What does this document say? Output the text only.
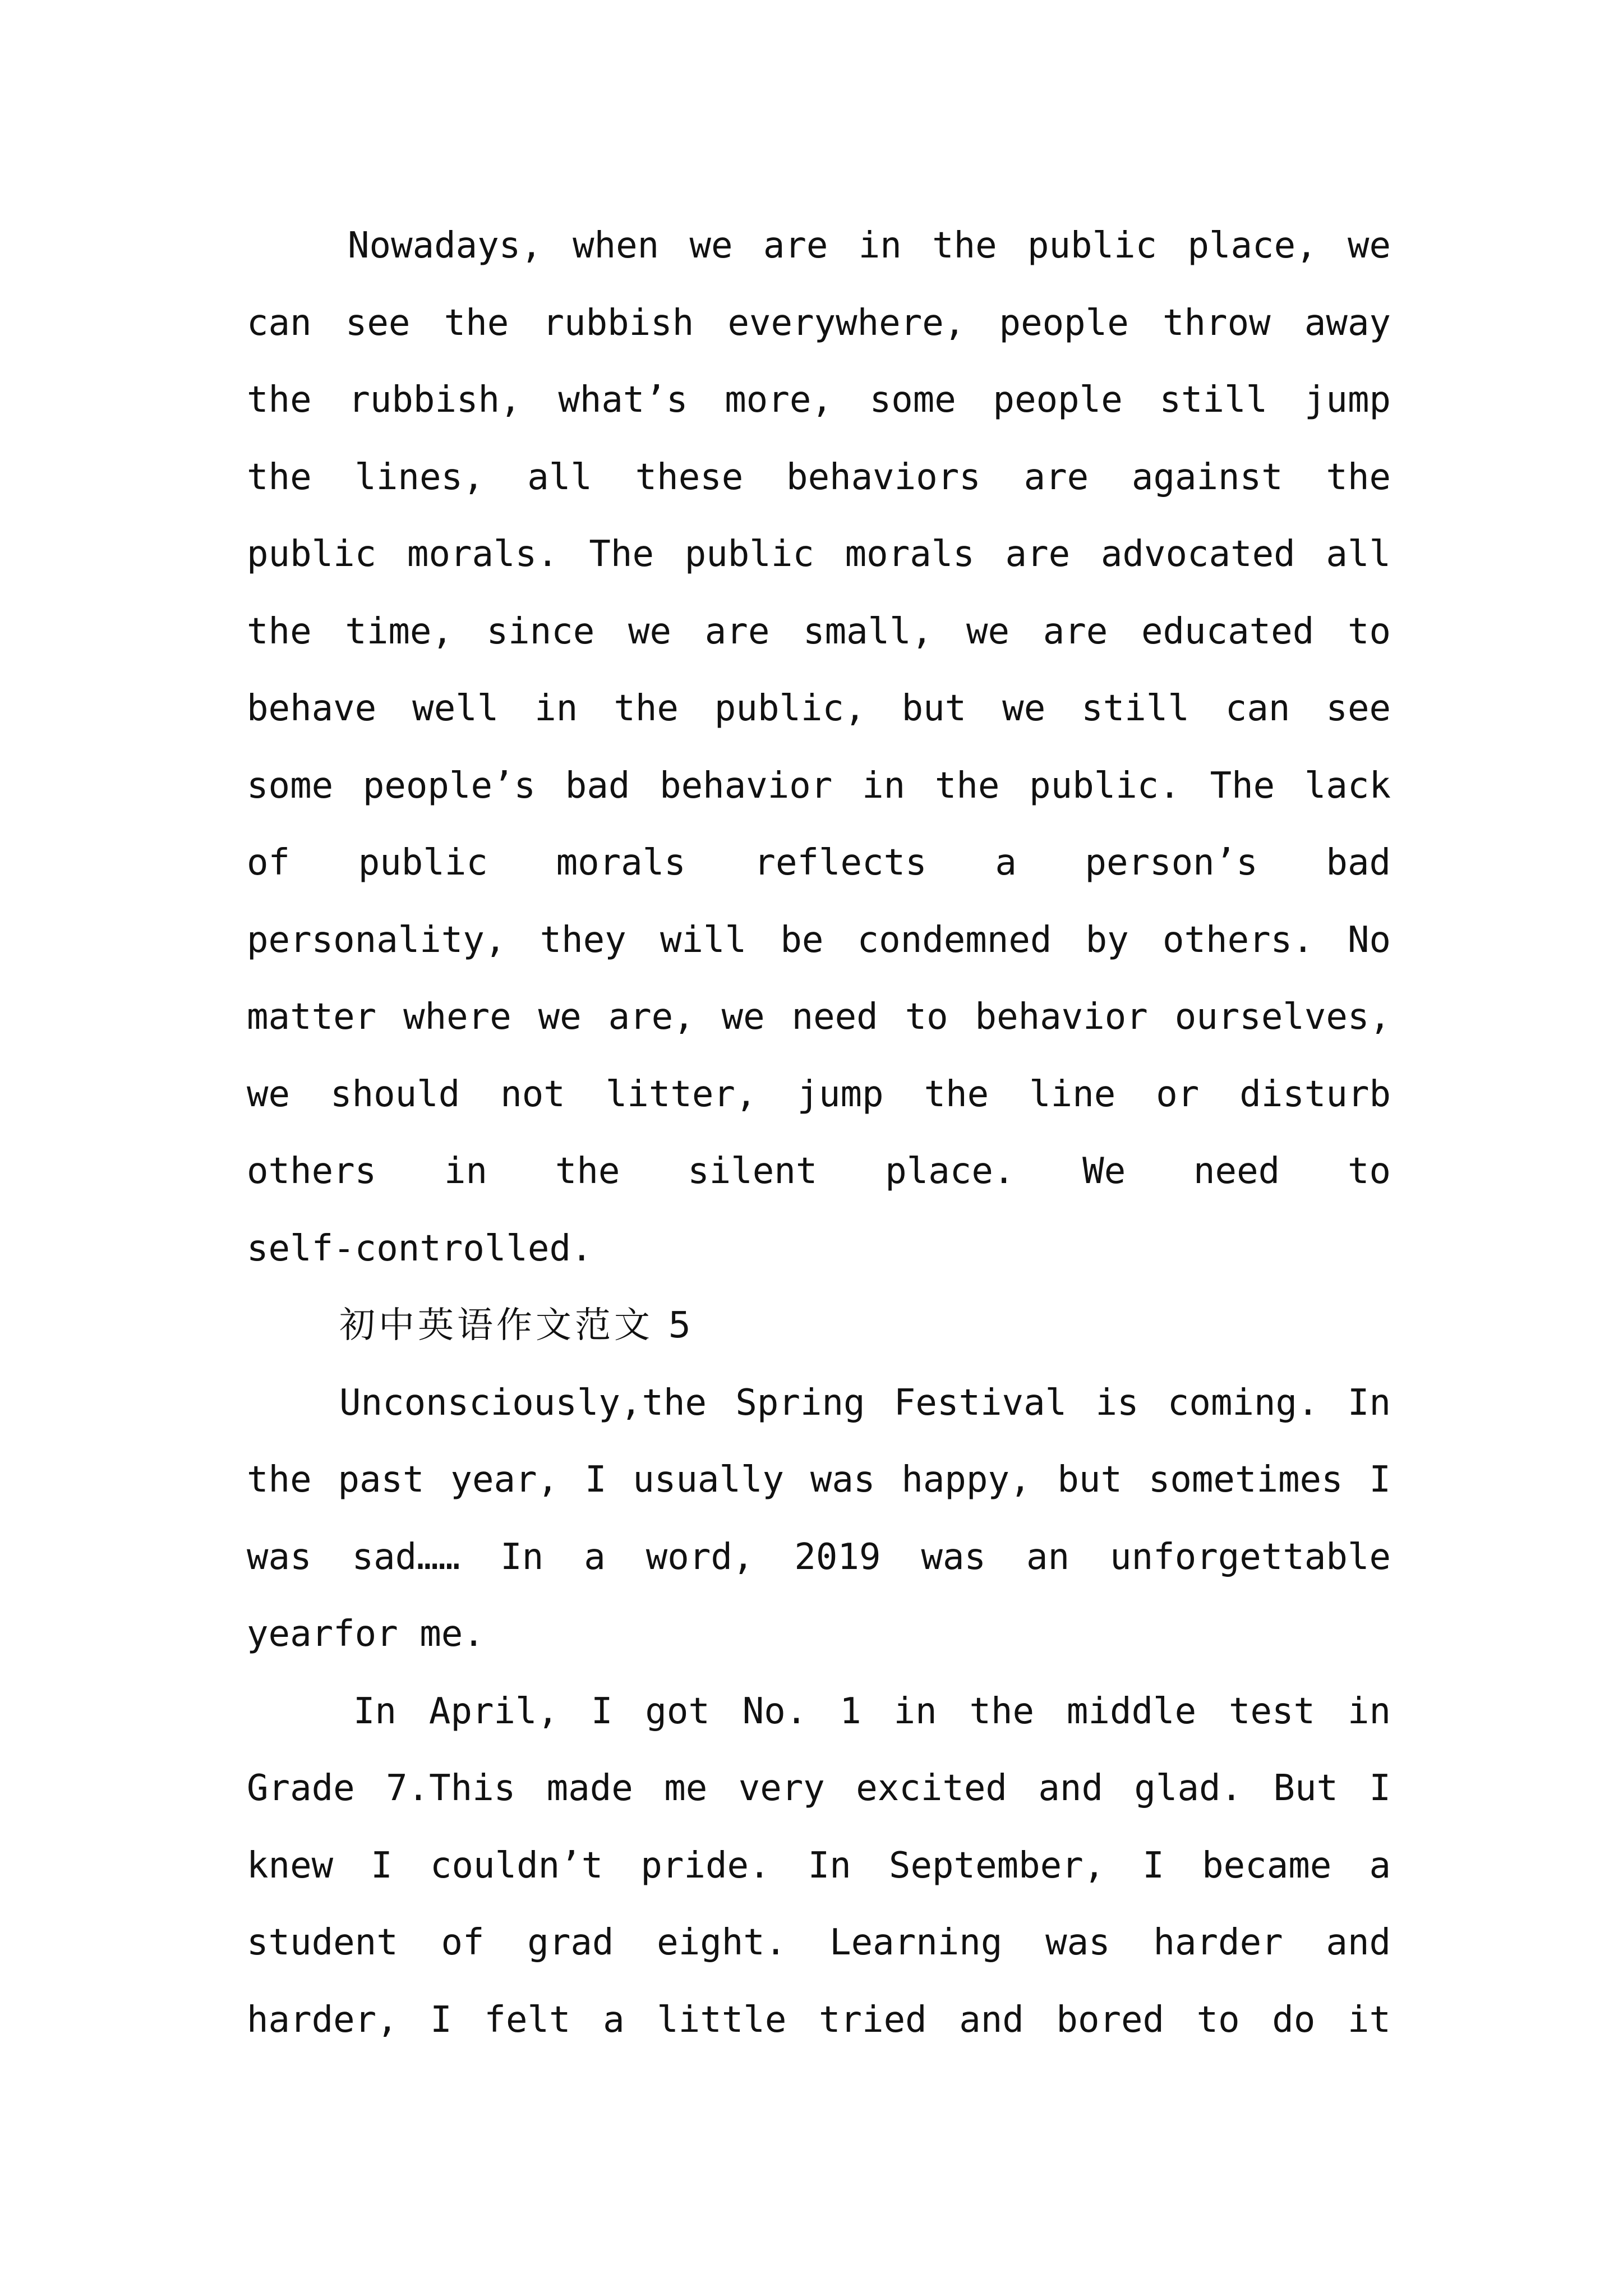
Nowadays, when we are in the public place, we
can see the rubbish everywhere, people throw away
the rubbish, what’s more, some people still jump
the lines, all these behaviors are against the
public morals. The public morals are advocated all
the time, since we are small, we are educated to
behave well in the public, but we still can see
some people’s bad behavior in the public. The lack
of public morals reflects a person’s bad
personality, they will be condemned by others. No
matter where we are, we need to behavior ourselves,
we should not litter, jump the line or disturb
others in the silent place. We need to
self-controlled.
初中英语作文范文 5
Unconsciously,the Spring Festival is coming. In
the past year, I usually was happy, but sometimes I
was sad…… In a word, 2019 was an unforgettable
yearfor me.
In April, I got No. 1 in the middle test in
Grade 7.This made me very excited and glad. But I
knew I couldn’t pride. In September, I became a
student of grad eight. Learning was harder and
harder, I felt a little tried and bored to do it
